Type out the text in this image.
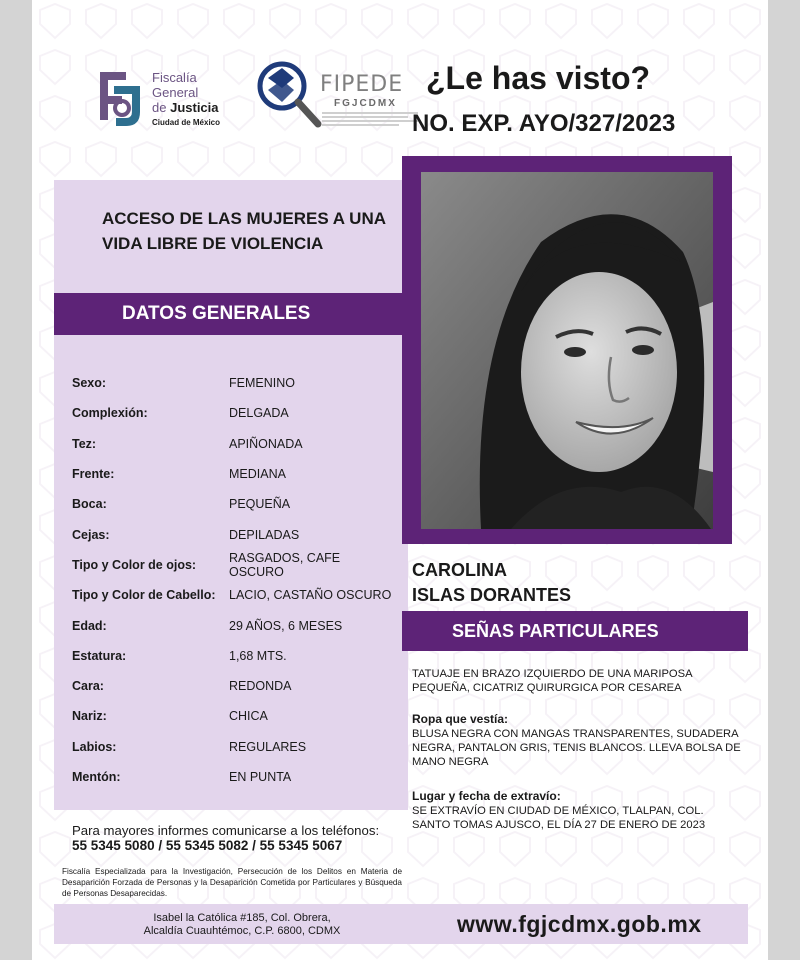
Fiscalía
General
de Justicia
Ciudad de México
FIPEDE
FGJCDMX
¿Le has visto?
NO. EXP. AYO/327/2023
ACCESO DE LAS MUJERES A UNA VIDA LIBRE DE VIOLENCIA
DATOS GENERALES
Sexo:	FEMENINO
Complexión:	DELGADA
Tez:	APIÑONADA
Frente:	MEDIANA
Boca:	PEQUEÑA
Cejas:	DEPILADAS
Tipo y Color de ojos:	RASGADOS, CAFE OSCURO
Tipo y Color de Cabello:	LACIO, CASTAÑO OSCURO
Edad:	29 AÑOS, 6 MESES
Estatura:	1,68 MTS.
Cara:	REDONDA
Nariz:	CHICA
Labios:	REGULARES
Mentón:	EN PUNTA
CAROLINA
ISLAS DORANTES
SEÑAS PARTICULARES
TATUAJE EN BRAZO IZQUIERDO DE UNA MARIPOSA PEQUEÑA, CICATRIZ QUIRURGICA POR CESAREA
Ropa que vestía:
BLUSA NEGRA CON MANGAS TRANSPARENTES, SUDADERA NEGRA, PANTALON GRIS, TENIS BLANCOS. LLEVA BOLSA DE MANO NEGRA
Lugar y fecha de extravío:
SE EXTRAVÍO EN CIUDAD DE MÉXICO, TLALPAN, COL. SANTO TOMAS AJUSCO, EL DÍA 27 DE ENERO DE 2023
Para mayores informes comunicarse a los teléfonos:
55 5345 5080 / 55 5345 5082 / 55 5345 5067
Fiscalía Especializada para la Investigación, Persecución de los Delitos en Materia de Desaparición Forzada de Personas y la Desaparición Cometida por Particulares y Búsqueda de Personas Desaparecidas.
Isabel la Católica #185, Col. Obrera,
Alcaldía Cuauhtémoc, C.P. 6800, CDMX	www.fgjcdmx.gob.mx
